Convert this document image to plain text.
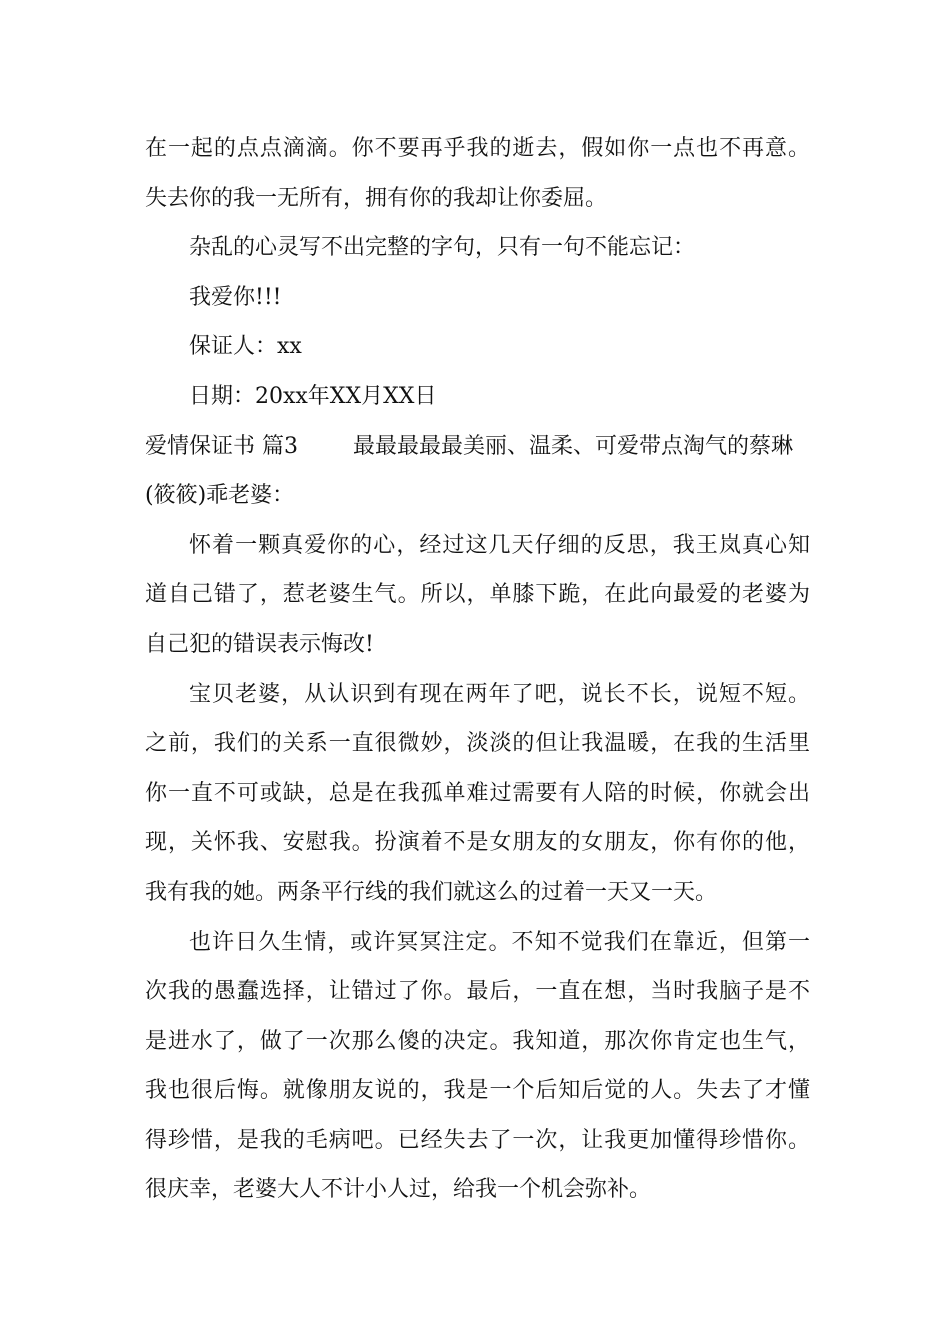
在一起的点点滴滴。你不要再乎我的逝去，假如你一点也不再意。
失去你的我一无所有，拥有你的我却让你委屈。
杂乱的心灵写不出完整的字句，只有一句不能忘记：
我爱你!!!
保证人：xx
日期：20xx年XX月XX日
爱情保证书 篇3	最最最最最美丽、温柔、可爱带点淘气的蔡琳
(筱筱)乖老婆：
怀着一颗真爱你的心，经过这几天仔细的反思，我王岚真心知
道自己错了，惹老婆生气。所以，单膝下跪，在此向最爱的老婆为
自己犯的错误表示悔改!
宝贝老婆，从认识到有现在两年了吧，说长不长，说短不短。
之前，我们的关系一直很微妙，淡淡的但让我温暖，在我的生活里
你一直不可或缺，总是在我孤单难过需要有人陪的时候，你就会出
现，关怀我、安慰我。扮演着不是女朋友的女朋友，你有你的他，
我有我的她。两条平行线的我们就这么的过着一天又一天。
也许日久生情，或许冥冥注定。不知不觉我们在靠近，但第一
次我的愚蠢选择，让错过了你。最后，一直在想，当时我脑子是不
是进水了，做了一次那么傻的决定。我知道，那次你肯定也生气，
我也很后悔。就像朋友说的，我是一个后知后觉的人。失去了才懂
得珍惜，是我的毛病吧。已经失去了一次，让我更加懂得珍惜你。
很庆幸，老婆大人不计小人过，给我一个机会弥补。
